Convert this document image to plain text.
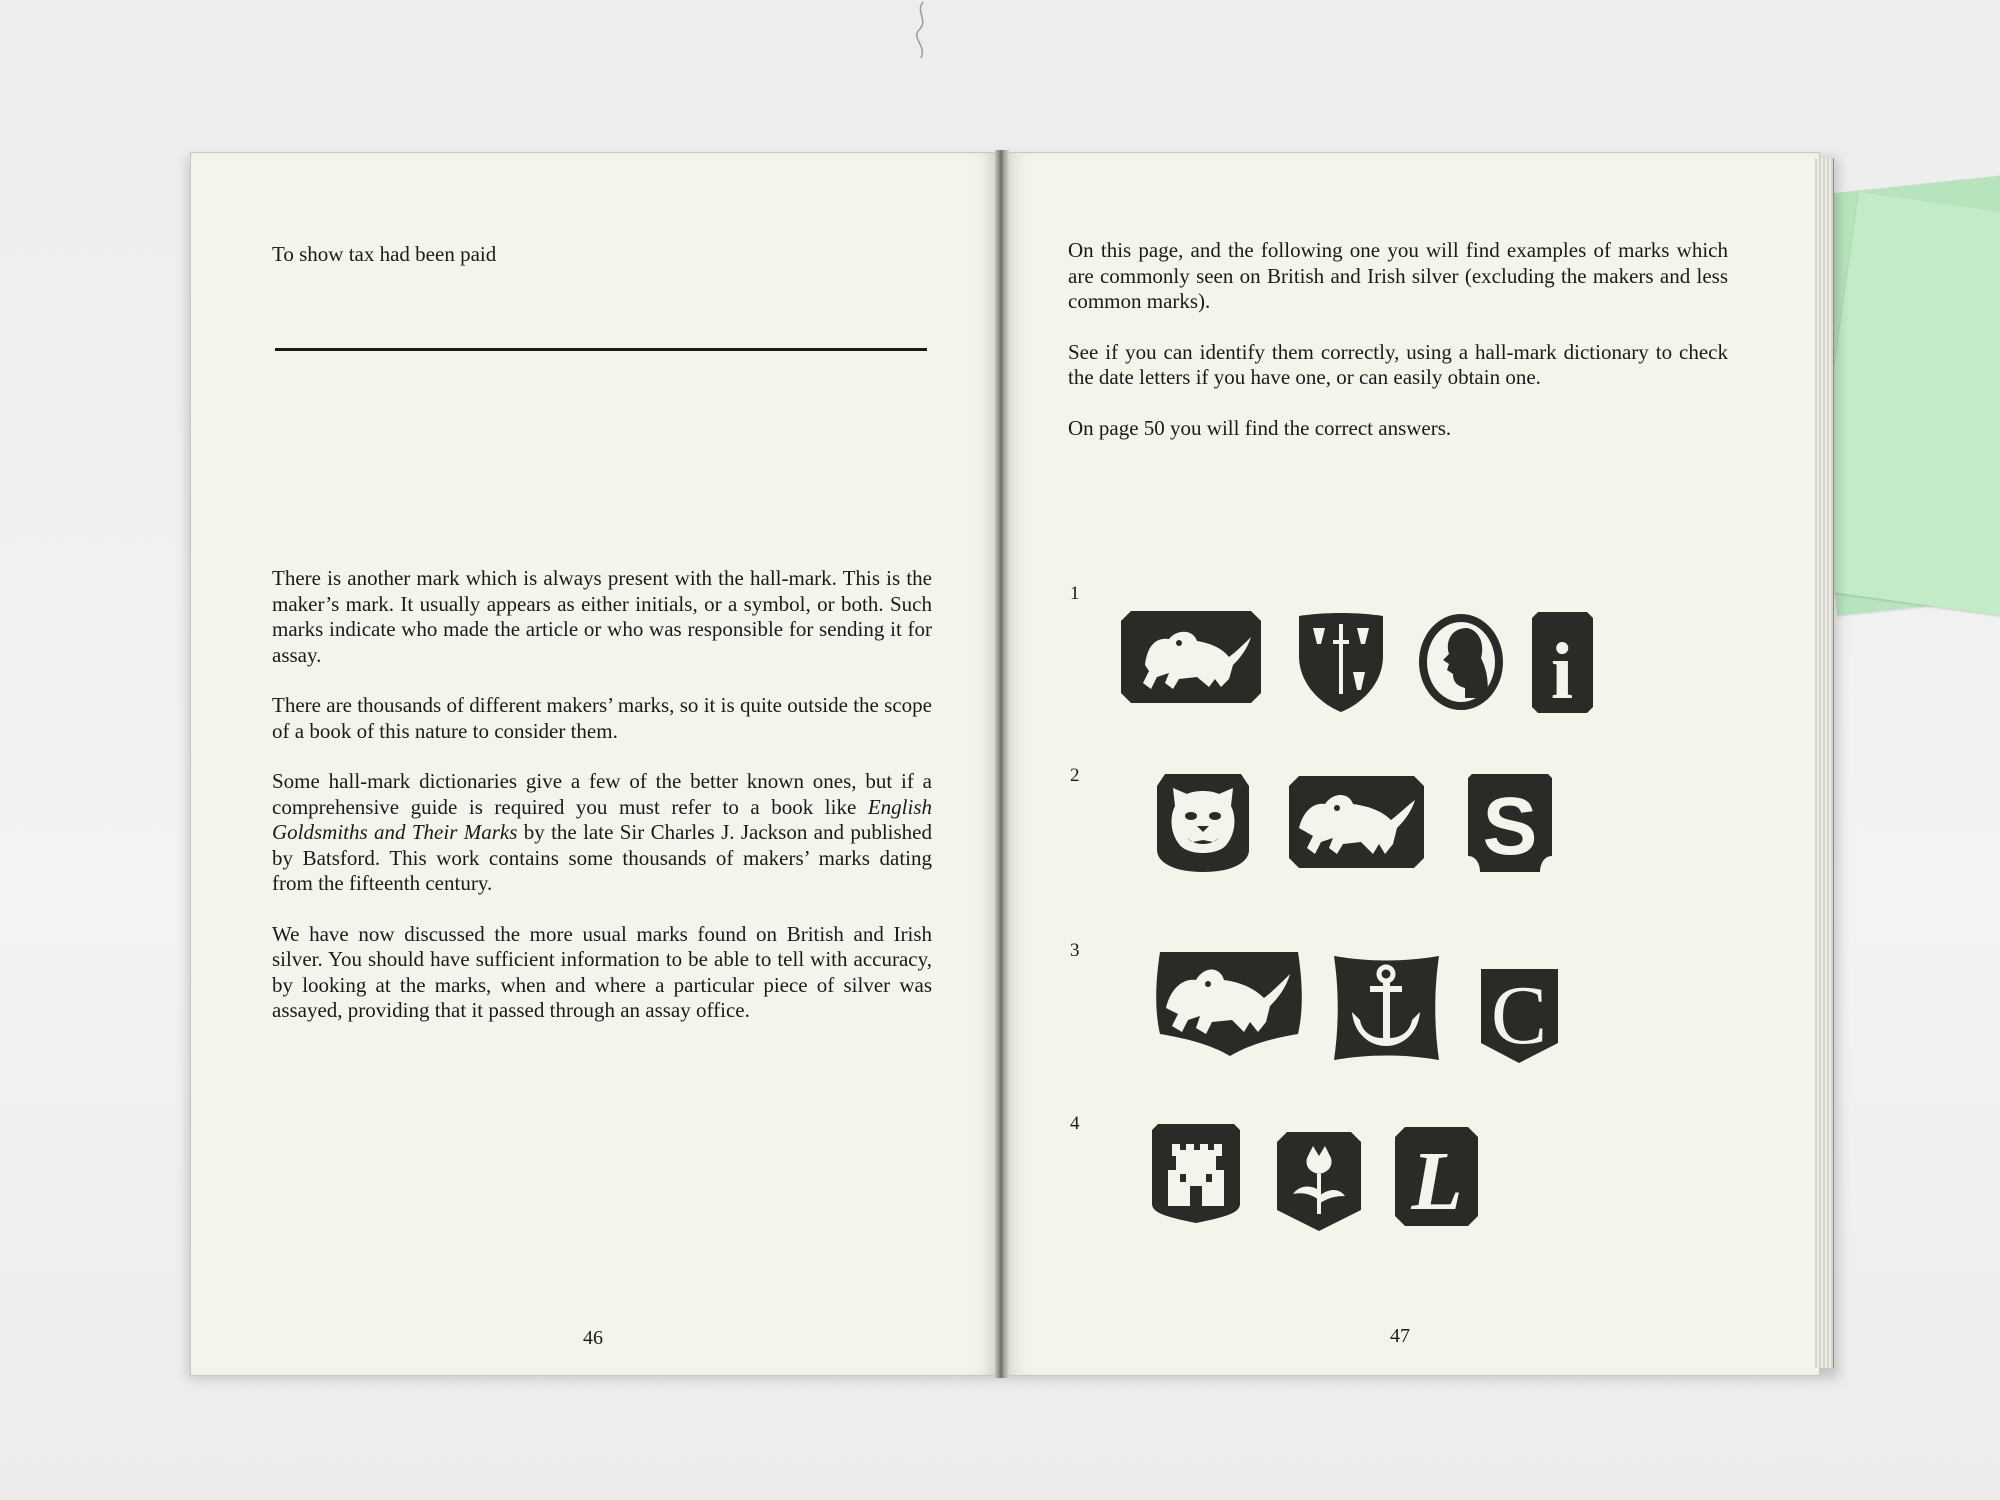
To show tax had been paid

There is another mark which is always present with the hall-mark. This is the maker’s mark. It usually appears as either initials, or a symbol, or both. Such marks indicate who made the article or who was responsible for sending it for assay.

There are thousands of different makers’ marks, so it is quite outside the scope of a book of this nature to consider them.

Some hall-mark dictionaries give a few of the better known ones, but if a comprehensive guide is required you must refer to a book like English Goldsmiths and Their Marks by the late Sir Charles J. Jackson and published by Batsford. This work contains some thousands of makers’ marks dating from the fifteenth century.

We have now discussed the more usual marks found on British and Irish silver. You should have sufficient information to be able to tell with accuracy, by looking at the marks, when and where a particular piece of silver was assayed, providing that it passed through an assay office.

46

On this page, and the following one you will find examples of marks which are commonly seen on British and Irish silver (excluding the makers and less common marks).

See if you can identify them correctly, using a hall-mark dictionary to check the date letters if you have one, or can easily obtain one.

On page 50 you will find the correct answers.

1
2
3
4
i
S
C
L
47
